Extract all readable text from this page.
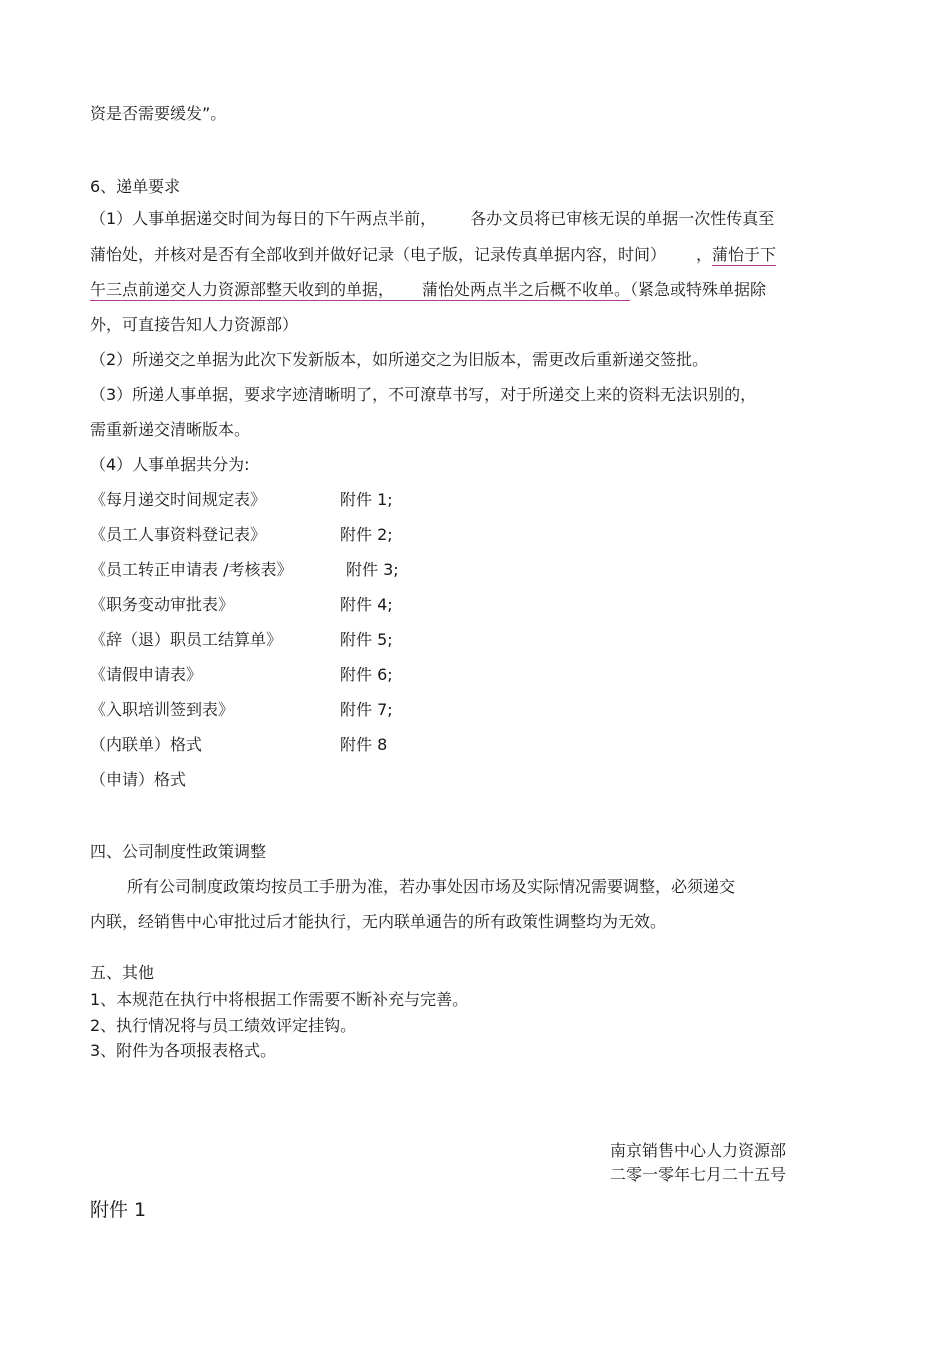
资是否需要缓发”。
6、递单要求
（1）人事单据递交时间为每日的下午两点半前， 各办文员将已审核无误的单据一次性传真至
蒲怡处，并核对是否有全部收到并做好记录（电子版，记录传真单据内容，时间） ，蒲怡于下
午三点前递交人力资源部整天收到的单据， 蒲怡处两点半之后概不收单。（紧急或特殊单据除
外，可直接告知人力资源部）
（2）所递交之单据为此次下发新版本，如所递交之为旧版本，需更改后重新递交签批。
（3）所递人事单据，要求字迹清晰明了，不可潦草书写，对于所递交上来的资料无法识别的，
需重新递交清晰版本。
（4）人事单据共分为:
《每月递交时间规定表》	附件 1;
《员工人事资料登记表》	附件 2;
《员工转正申请表 /考核表》	附件 3;
《职务变动审批表》	附件 4;
《辞（退）职员工结算单》	附件 5;
《请假申请表》	附件 6;
《入职培训签到表》	附件 7;
（内联单）格式	附件 8
（申请）格式
四、公司制度性政策调整
所有公司制度政策均按员工手册为准，若办事处因市场及实际情况需要调整，必须递交
内联，经销售中心审批过后才能执行，无内联单通告的所有政策性调整均为无效。
五、其他
1、本规范在执行中将根据工作需要不断补充与完善。
2、执行情况将与员工绩效评定挂钩。
3、附件为各项报表格式。
南京销售中心人力资源部
二零一零年七月二十五号
附件 1
